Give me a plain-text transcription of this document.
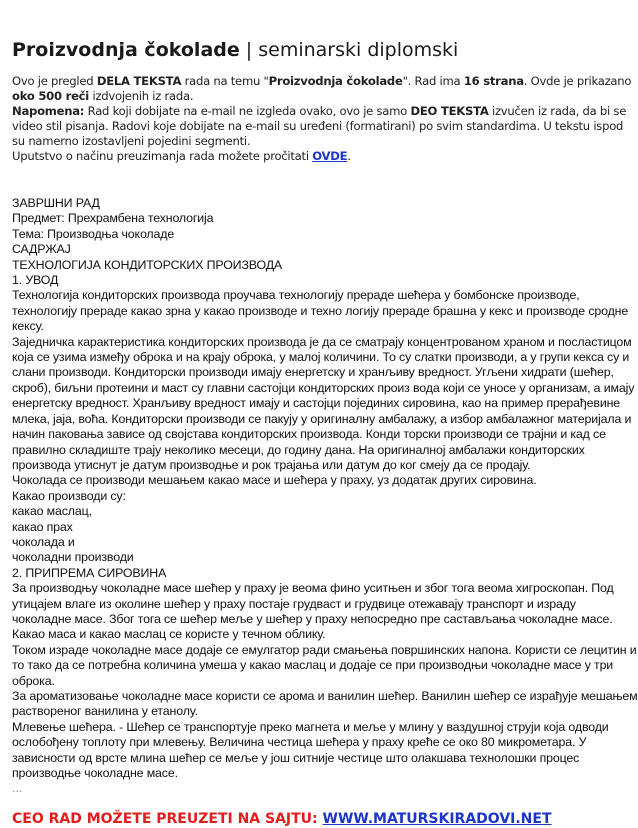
Proizvodnja čokolade | seminarski diplomski

Ovo je pregled DELA TEKSTA rada na temu "Proizvodnja čokolade". Rad ima 16 strana. Ovde je prikazano oko 500 reči izdvojenih iz rada.

Napomena: Rad koji dobijate na e-mail ne izgleda ovako, ovo je samo DEO TEKSTA izvučen iz rada, da bi se video stil pisanja. Radovi koje dobijate na e-mail su uređeni (formatirani) po svim standardima. U tekstu ispod su namerno izostavljeni pojedini segmenti.

Uputstvo o načinu preuzimanja rada možete pročitati OVDE.

ЗАВРШНИ РАД
Предмет: Прехрамбена технологија
Тема: Производња чоколаде
САДРЖАЈ
ТЕХНОЛОГИЈА КОНДИТОРСКИХ ПРОИЗВОДА
1. УВОД

Технологија кондиторских производа проучава технологију прераде шећера у бомбонске производе, технологију прераде какао зрна у какао производе и техно логију прераде брашна у кекс и производе сродне кексу.

Заједничка карактеристика кондиторских производа је да се сматрају концентрованом храном и посластицом која се узима између оброка и на крају оброка, у малој количини. То су слатки производи, а у групи кекса су и слани производи. Кондиторски производи имају енергетску и хранљиву вредност. Угљени хидрати (шећер, скроб), биљни протеини и маст су главни састојци кондиторских произ вода који се уносе у организам, а имају енергетску вредност. Хранљиву вредност имају и састојци појединих сировина, као на пример прерађевине млека, jaja, воћа. Кондиторски производи се пакују у оригиналну амбалажу, а избор амбалажног материјала и начин паковања зависе од својстава кондиторских производа. Конди торски производи се трајни и кад се правилно складиште трају неколико месеци, до годину дана. На оригиналној амбалажи кондиторских производа утиснут је датум производње и рок трајања или датум до ког смеју да се продају.

Чоколада се производи мешањем какао масе и шећера у праху, уз додатак других сировина.

Какао производи су:

какао маслац,

какао прах

чоколада и

чоколадни производи

2. ПРИПРЕМА СИРОВИНА

За производњу чоколадне масе шећер у праху је веома фино уситњен и због тога веома хигроскопан. Под утицајем влаге из околине шећер у праху постаје грудваст и грудвице отежавају транспорт и израду чоколадне масе. Због тога се шећер меље у шећер у праху непосредно пре састављања чоколадне масе. Какао маса и какао маслац се користе у течном облику.

Током израде чоколадне масе додаје се емулгатор ради смањења површинских напона. Користи се лецитин и то тако да се потребна количина умеша у какао маслац и додаје се при производњи чоколадне масе у три оброка.

За ароматизовање чоколадне масе користи се арома и ванилин шећер. Ванилин шећер се израђује мешањем раствореног ванилина у етанолу.

Млевење шећера. - Шећер се транспортује преко магнета и меље у млину у ваздушној струји која одводи ослобођену топлоту при млевењу. Величина честица шећера у праху креће се око 80 микрометара. У зависности од врсте млина шећер се меље у још ситније честице што олакшава технолошки процес производње чоколадне масе.

...
CEO RAD MOŽETE PREUZETI NA SAJTU: WWW.MATURSKIRADOVI.NET
